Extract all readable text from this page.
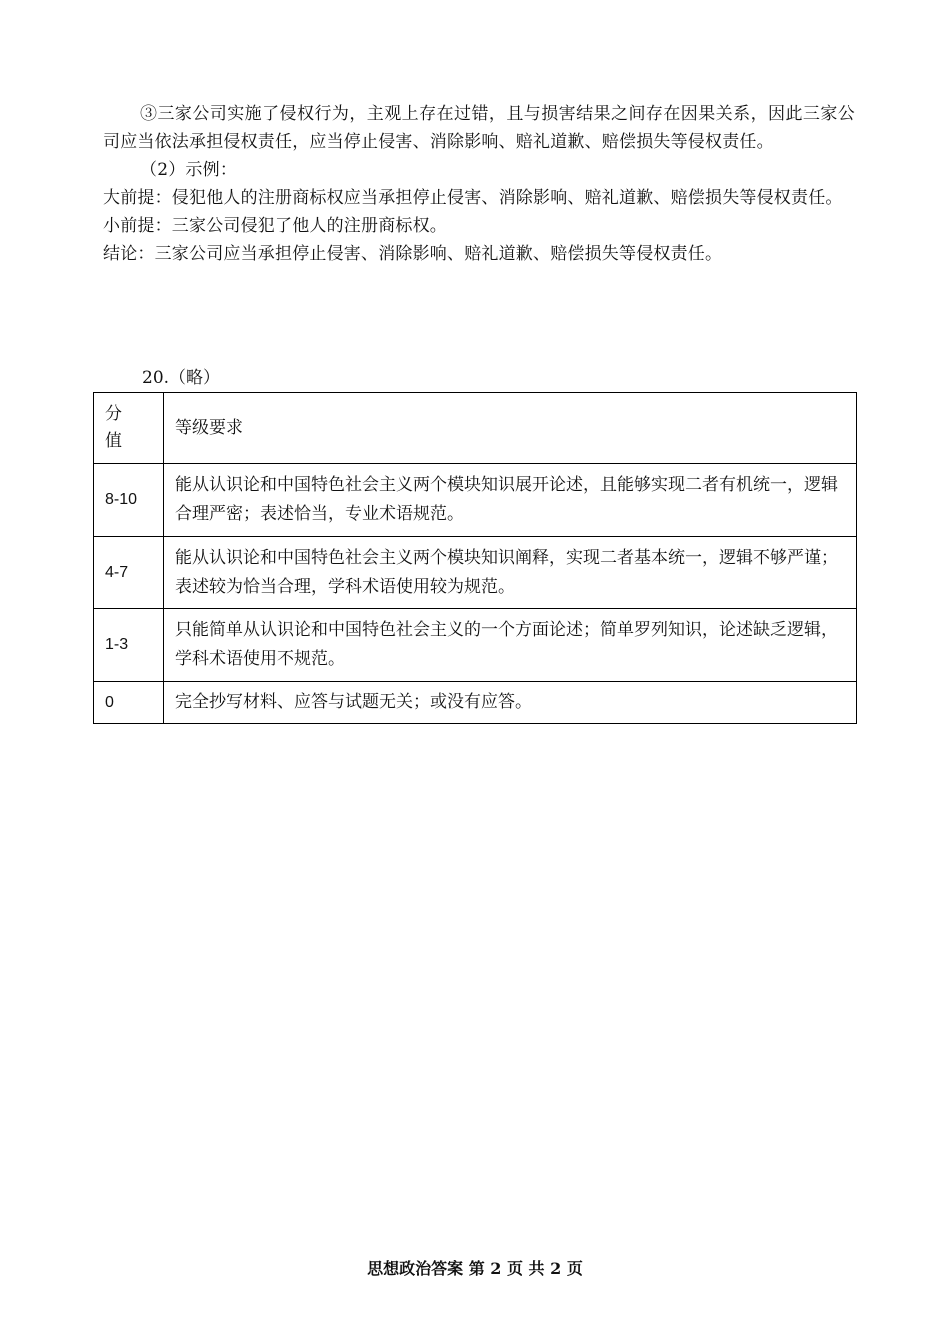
③三家公司实施了侵权行为，主观上存在过错，且与损害结果之间存在因果关系，因此三家公司应当依法承担侵权责任，应当停止侵害、消除影响、赔礼道歉、赔偿损失等侵权责任。

（2）示例：

大前提：侵犯他人的注册商标权应当承担停止侵害、消除影响、赔礼道歉、赔偿损失等侵权责任。

小前提：三家公司侵犯了他人的注册商标权。

结论：三家公司应当承担停止侵害、消除影响、赔礼道歉、赔偿损失等侵权责任。

20.（略）
分值	等级要求
8-10	能从认识论和中国特色社会主义两个模块知识展开论述，且能够实现二者有机统一，逻辑合理严密；表述恰当，专业术语规范。
4-7	能从认识论和中国特色社会主义两个模块知识阐释，实现二者基本统一，逻辑不够严谨；表述较为恰当合理，学科术语使用较为规范。
1-3	只能简单从认识论和中国特色社会主义的一个方面论述；简单罗列知识，论述缺乏逻辑，学科术语使用不规范。
0	完全抄写材料、应答与试题无关；或没有应答。
思想政治答案 第 2 页 共 2 页
